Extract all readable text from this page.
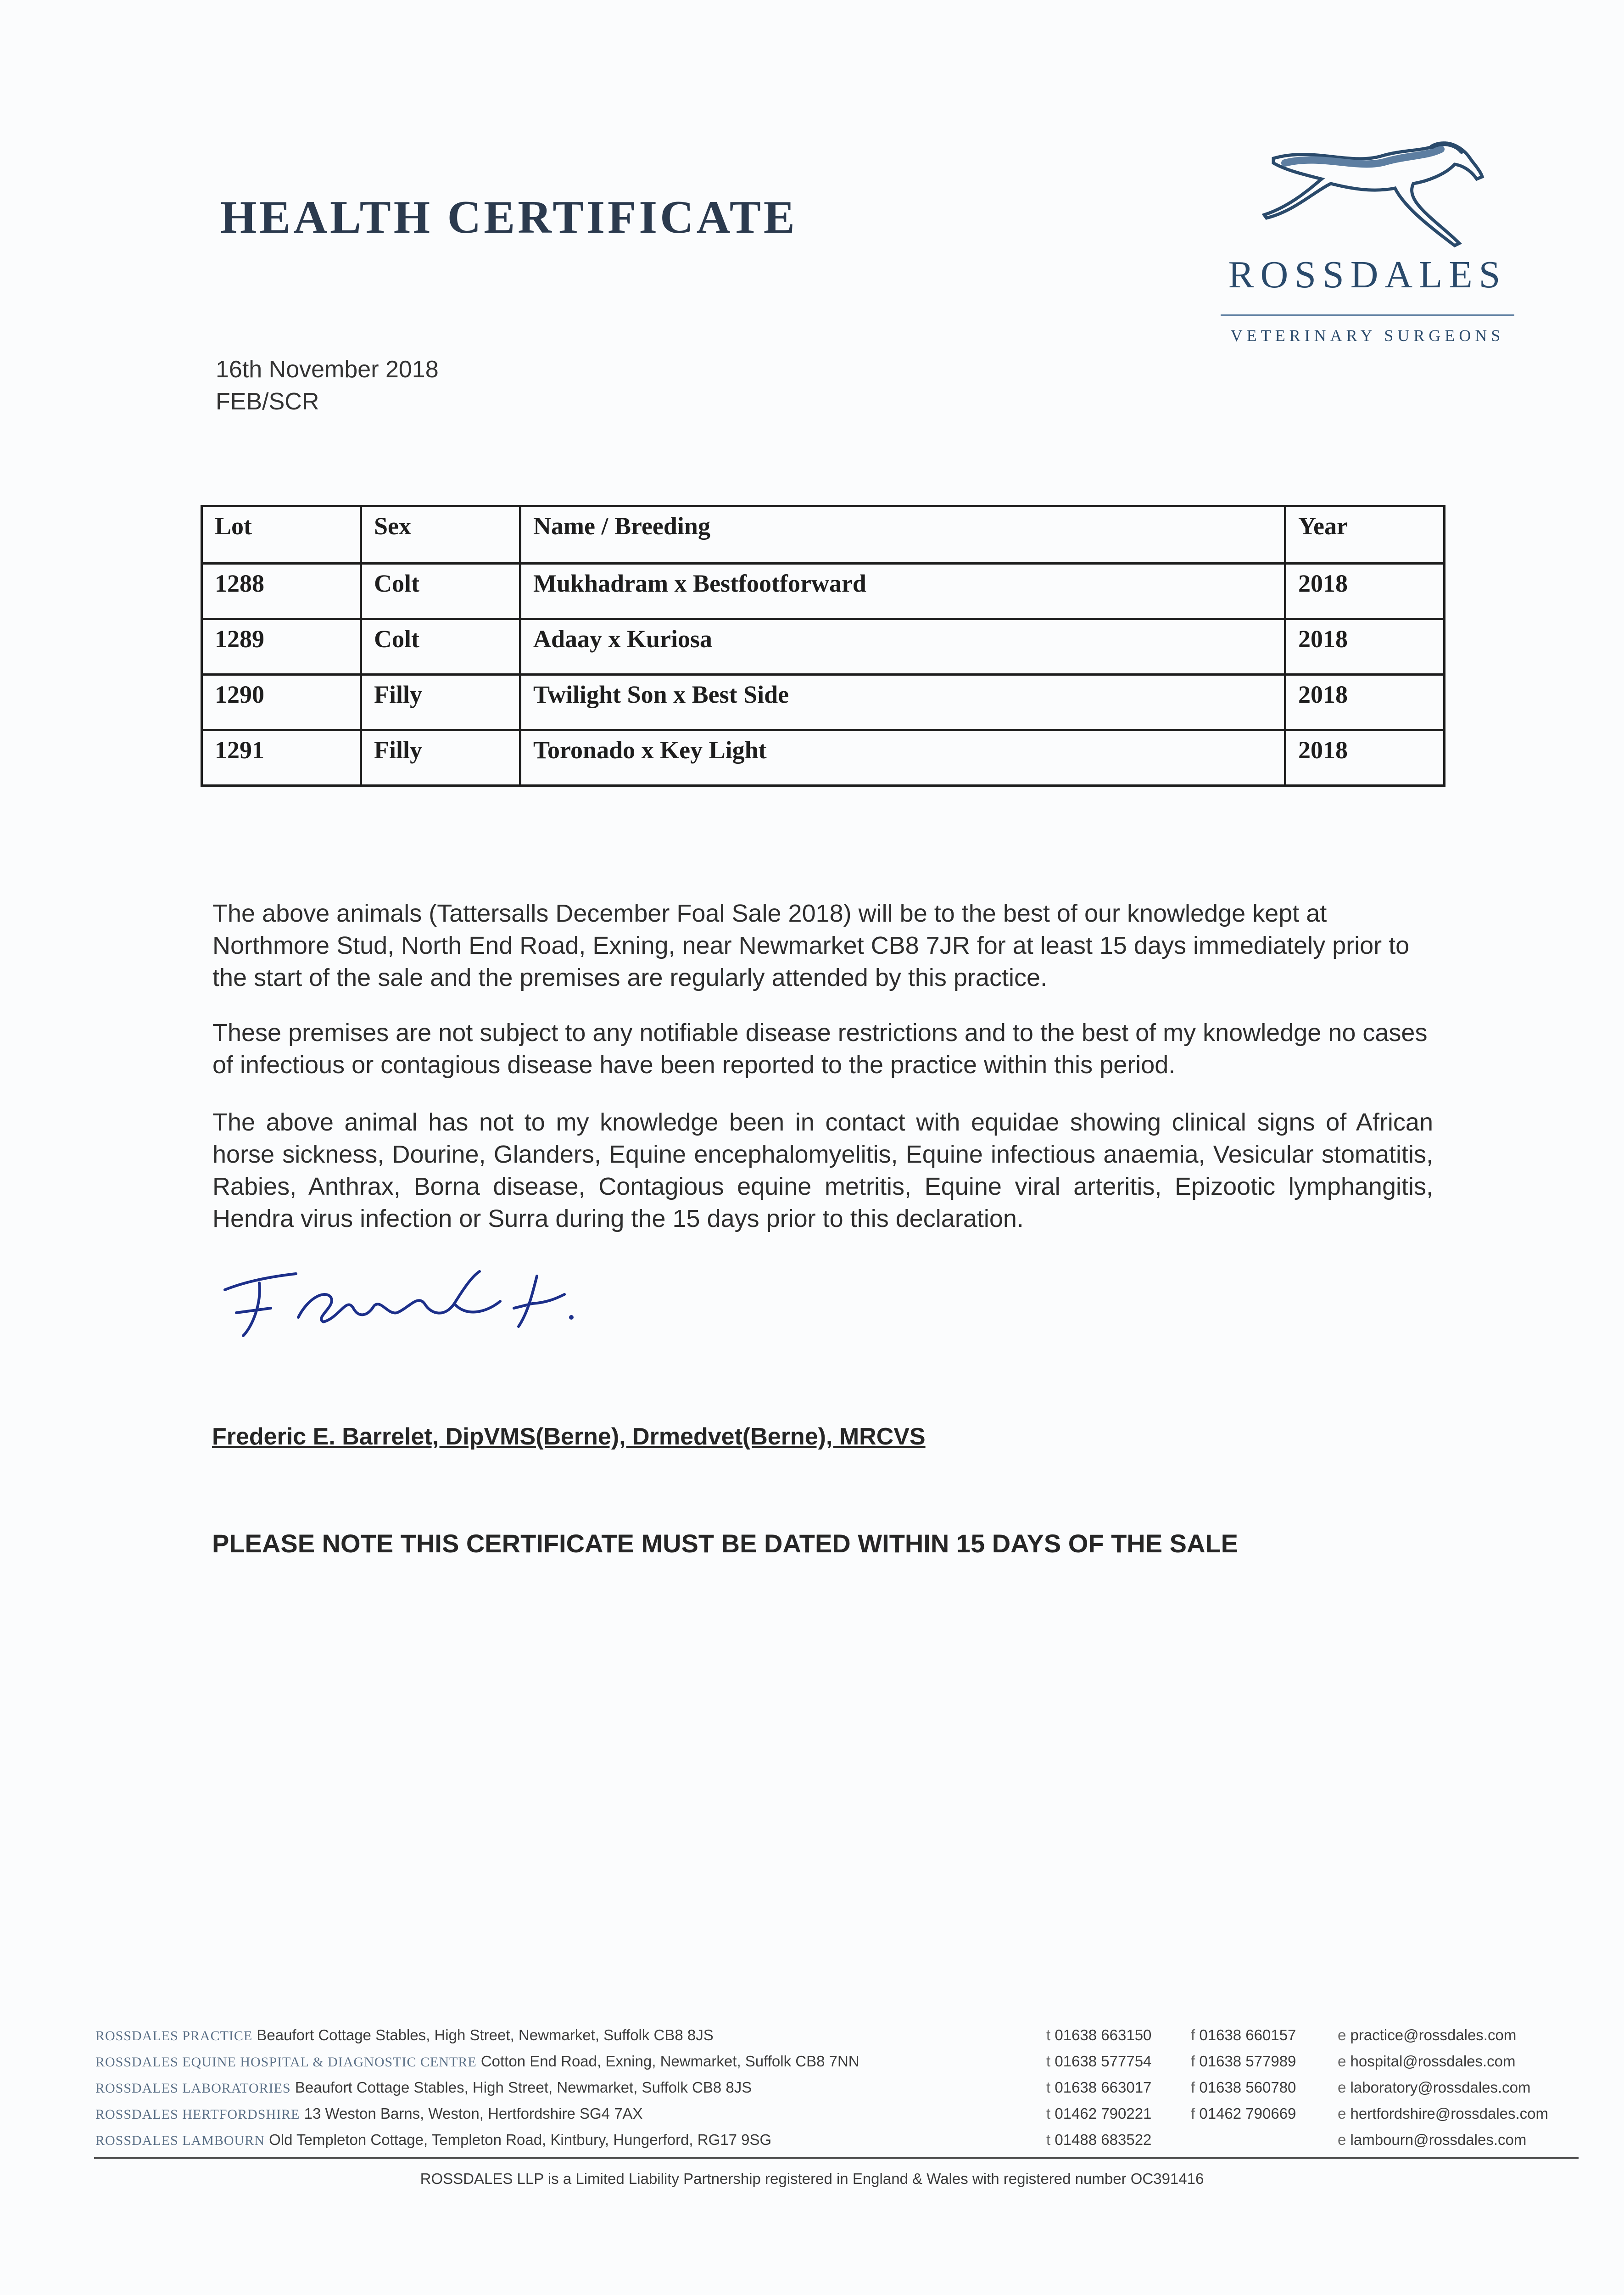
HEALTH CERTIFICATE
ROSSDALES
VETERINARY SURGEONS
16th November 2018
FEB/SCR
Lot	Sex	Name / Breeding	Year
1288	Colt	Mukhadram x Bestfootforward	2018
1289	Colt	Adaay x Kuriosa	2018
1290	Filly	Twilight Son x Best Side	2018
1291	Filly	Toronado x Key Light	2018

The above animals (Tattersalls December Foal Sale 2018) will be to the best of our knowledge kept at Northmore Stud, North End Road, Exning, near Newmarket CB8 7JR for at least 15 days immediately prior to the start of the sale and the premises are regularly attended by this practice.

These premises are not subject to any notifiable disease restrictions and to the best of my knowledge no cases of infectious or contagious disease have been reported to the practice within this period.

The above animal has not to my knowledge been in contact with equidae showing clinical signs of African horse sickness, Dourine, Glanders, Equine encephalomyelitis, Equine infectious anaemia, Vesicular stomatitis, Rabies, Anthrax, Borna disease, Contagious equine metritis, Equine viral arteritis, Epizootic lymphangitis, Hendra virus infection or Surra during the 15 days prior to this declaration.

Frederic E. Barrelet, DipVMS(Berne), Drmedvet(Berne), MRCVS
PLEASE NOTE THIS CERTIFICATE MUST BE DATED WITHIN 15 DAYS OF THE SALE
ROSSDALES PRACTICE Beaufort Cottage Stables, High Street, Newmarket, Suffolk CB8 8JS
ROSSDALES EQUINE HOSPITAL & DIAGNOSTIC CENTRE Cotton End Road, Exning, Newmarket, Suffolk CB8 7NN
ROSSDALES LABORATORIES Beaufort Cottage Stables, High Street, Newmarket, Suffolk CB8 8JS
ROSSDALES HERTFORDSHIRE 13 Weston Barns, Weston, Hertfordshire SG4 7AX
ROSSDALES LAMBOURN Old Templeton Cottage, Templeton Road, Kintbury, Hungerford, RG17 9SG
t 01638 663150	f 01638 660157	e practice@rossdales.com
t 01638 577754	f 01638 577989	e hospital@rossdales.com
t 01638 663017	f 01638 560780	e laboratory@rossdales.com
t 01462 790221	f 01462 790669	e hertfordshire@rossdales.com
t 01488 683522	e lambourn@rossdales.com
ROSSDALES LLP is a Limited Liability Partnership registered in England & Wales with registered number OC391416
